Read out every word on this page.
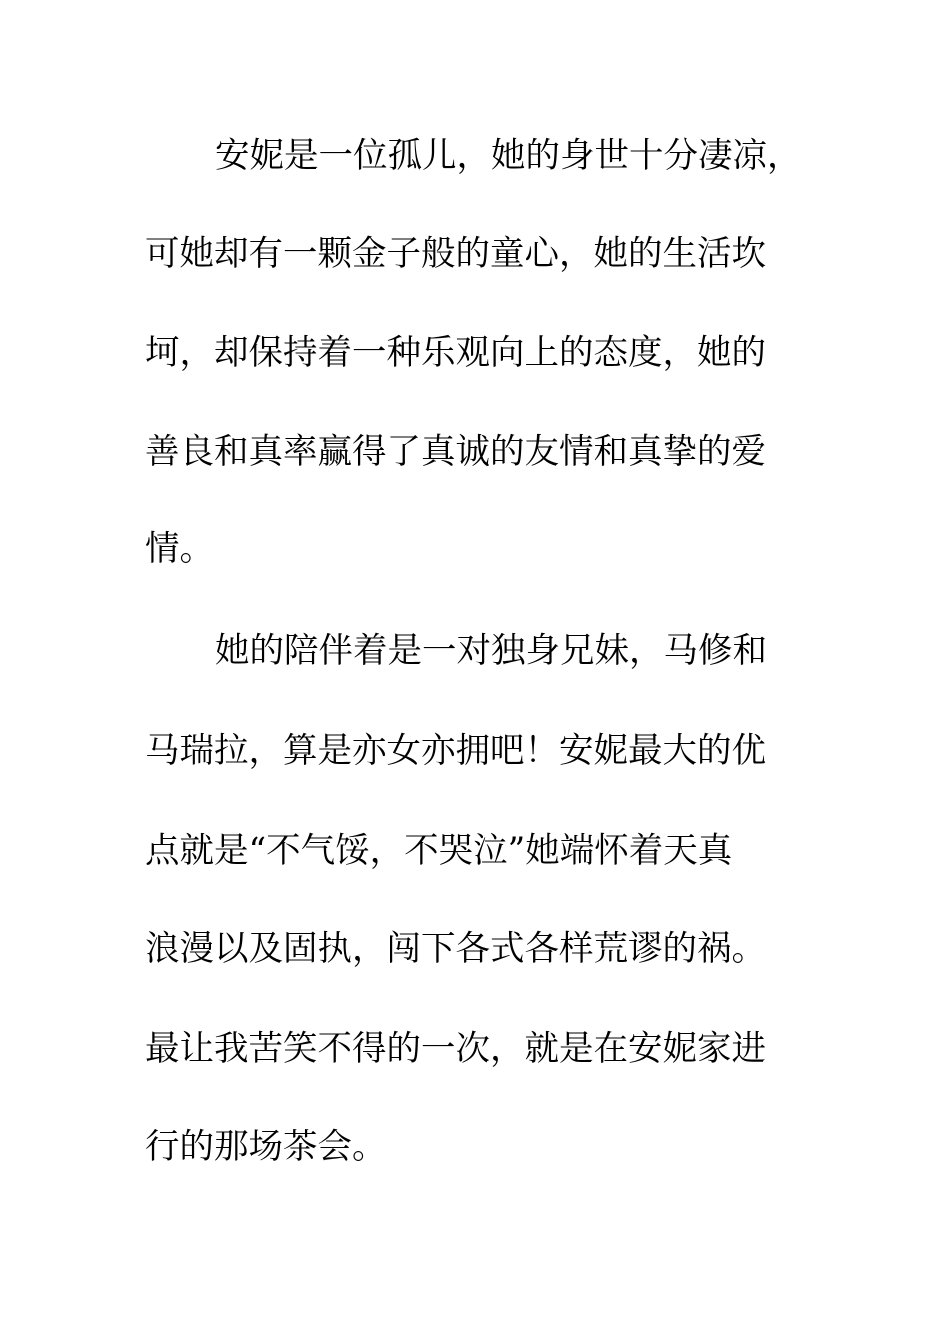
安妮是一位孤儿，她的身世十分凄凉，
可她却有一颗金子般的童心，她的生活坎
坷，却保持着一种乐观向上的态度，她的
善良和真率赢得了真诚的友情和真挚的爱
情。
她的陪伴着是一对独身兄妹，马修和
马瑞拉，算是亦女亦拥吧！安妮最大的优
点就是“不气馁，不哭泣”她端怀着天真
浪漫以及固执，闯下各式各样荒谬的祸。
最让我苦笑不得的一次，就是在安妮家进
行的那场茶会。
